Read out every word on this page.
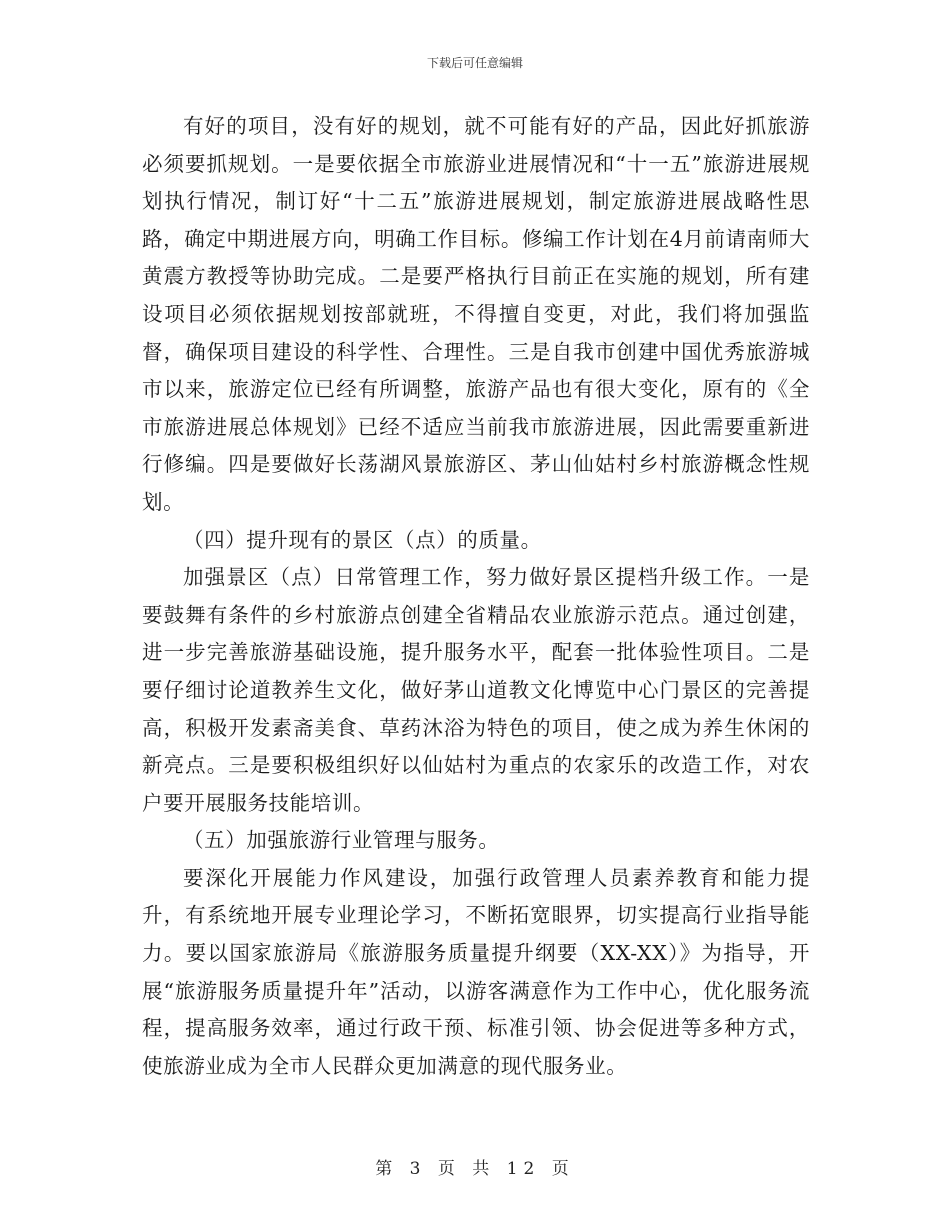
下载后可任意编辑

有好的项目，没有好的规划，就不可能有好的产品，因此好抓旅游必须要抓规划。一是要依据全市旅游业进展情况和“十一五”旅游进展规划执行情况，制订好“十二五”旅游进展规划，制定旅游进展战略性思路，确定中期进展方向，明确工作目标。修编工作计划在4月前请南师大黄震方教授等协助完成。二是要严格执行目前正在实施的规划，所有建设项目必须依据规划按部就班，不得擅自变更，对此，我们将加强监督，确保项目建设的科学性、合理性。三是自我市创建中国优秀旅游城市以来，旅游定位已经有所调整，旅游产品也有很大变化，原有的《全市旅游进展总体规划》已经不适应当前我市旅游进展，因此需要重新进行修编。四是要做好长荡湖风景旅游区、茅山仙姑村乡村旅游概念性规划。

（四）提升现有的景区（点）的质量。

加强景区（点）日常管理工作，努力做好景区提档升级工作。一是要鼓舞有条件的乡村旅游点创建全省精品农业旅游示范点。通过创建，进一步完善旅游基础设施，提升服务水平，配套一批体验性项目。二是要仔细讨论道教养生文化，做好茅山道教文化博览中心门景区的完善提高，积极开发素斋美食、草药沐浴为特色的项目，使之成为养生休闲的新亮点。三是要积极组织好以仙姑村为重点的农家乐的改造工作，对农户要开展服务技能培训。

（五）加强旅游行业管理与服务。

要深化开展能力作风建设，加强行政管理人员素养教育和能力提升，有系统地开展专业理论学习，不断拓宽眼界，切实提高行业指导能力。要以国家旅游局《旅游服务质量提升纲要（XX-XX）》为指导，开展“旅游服务质量提升年”活动，以游客满意作为工作中心，优化服务流程，提高服务效率，通过行政干预、标准引领、协会促进等多种方式，使旅游业成为全市人民群众更加满意的现代服务业。

第 3 页 共 12 页
